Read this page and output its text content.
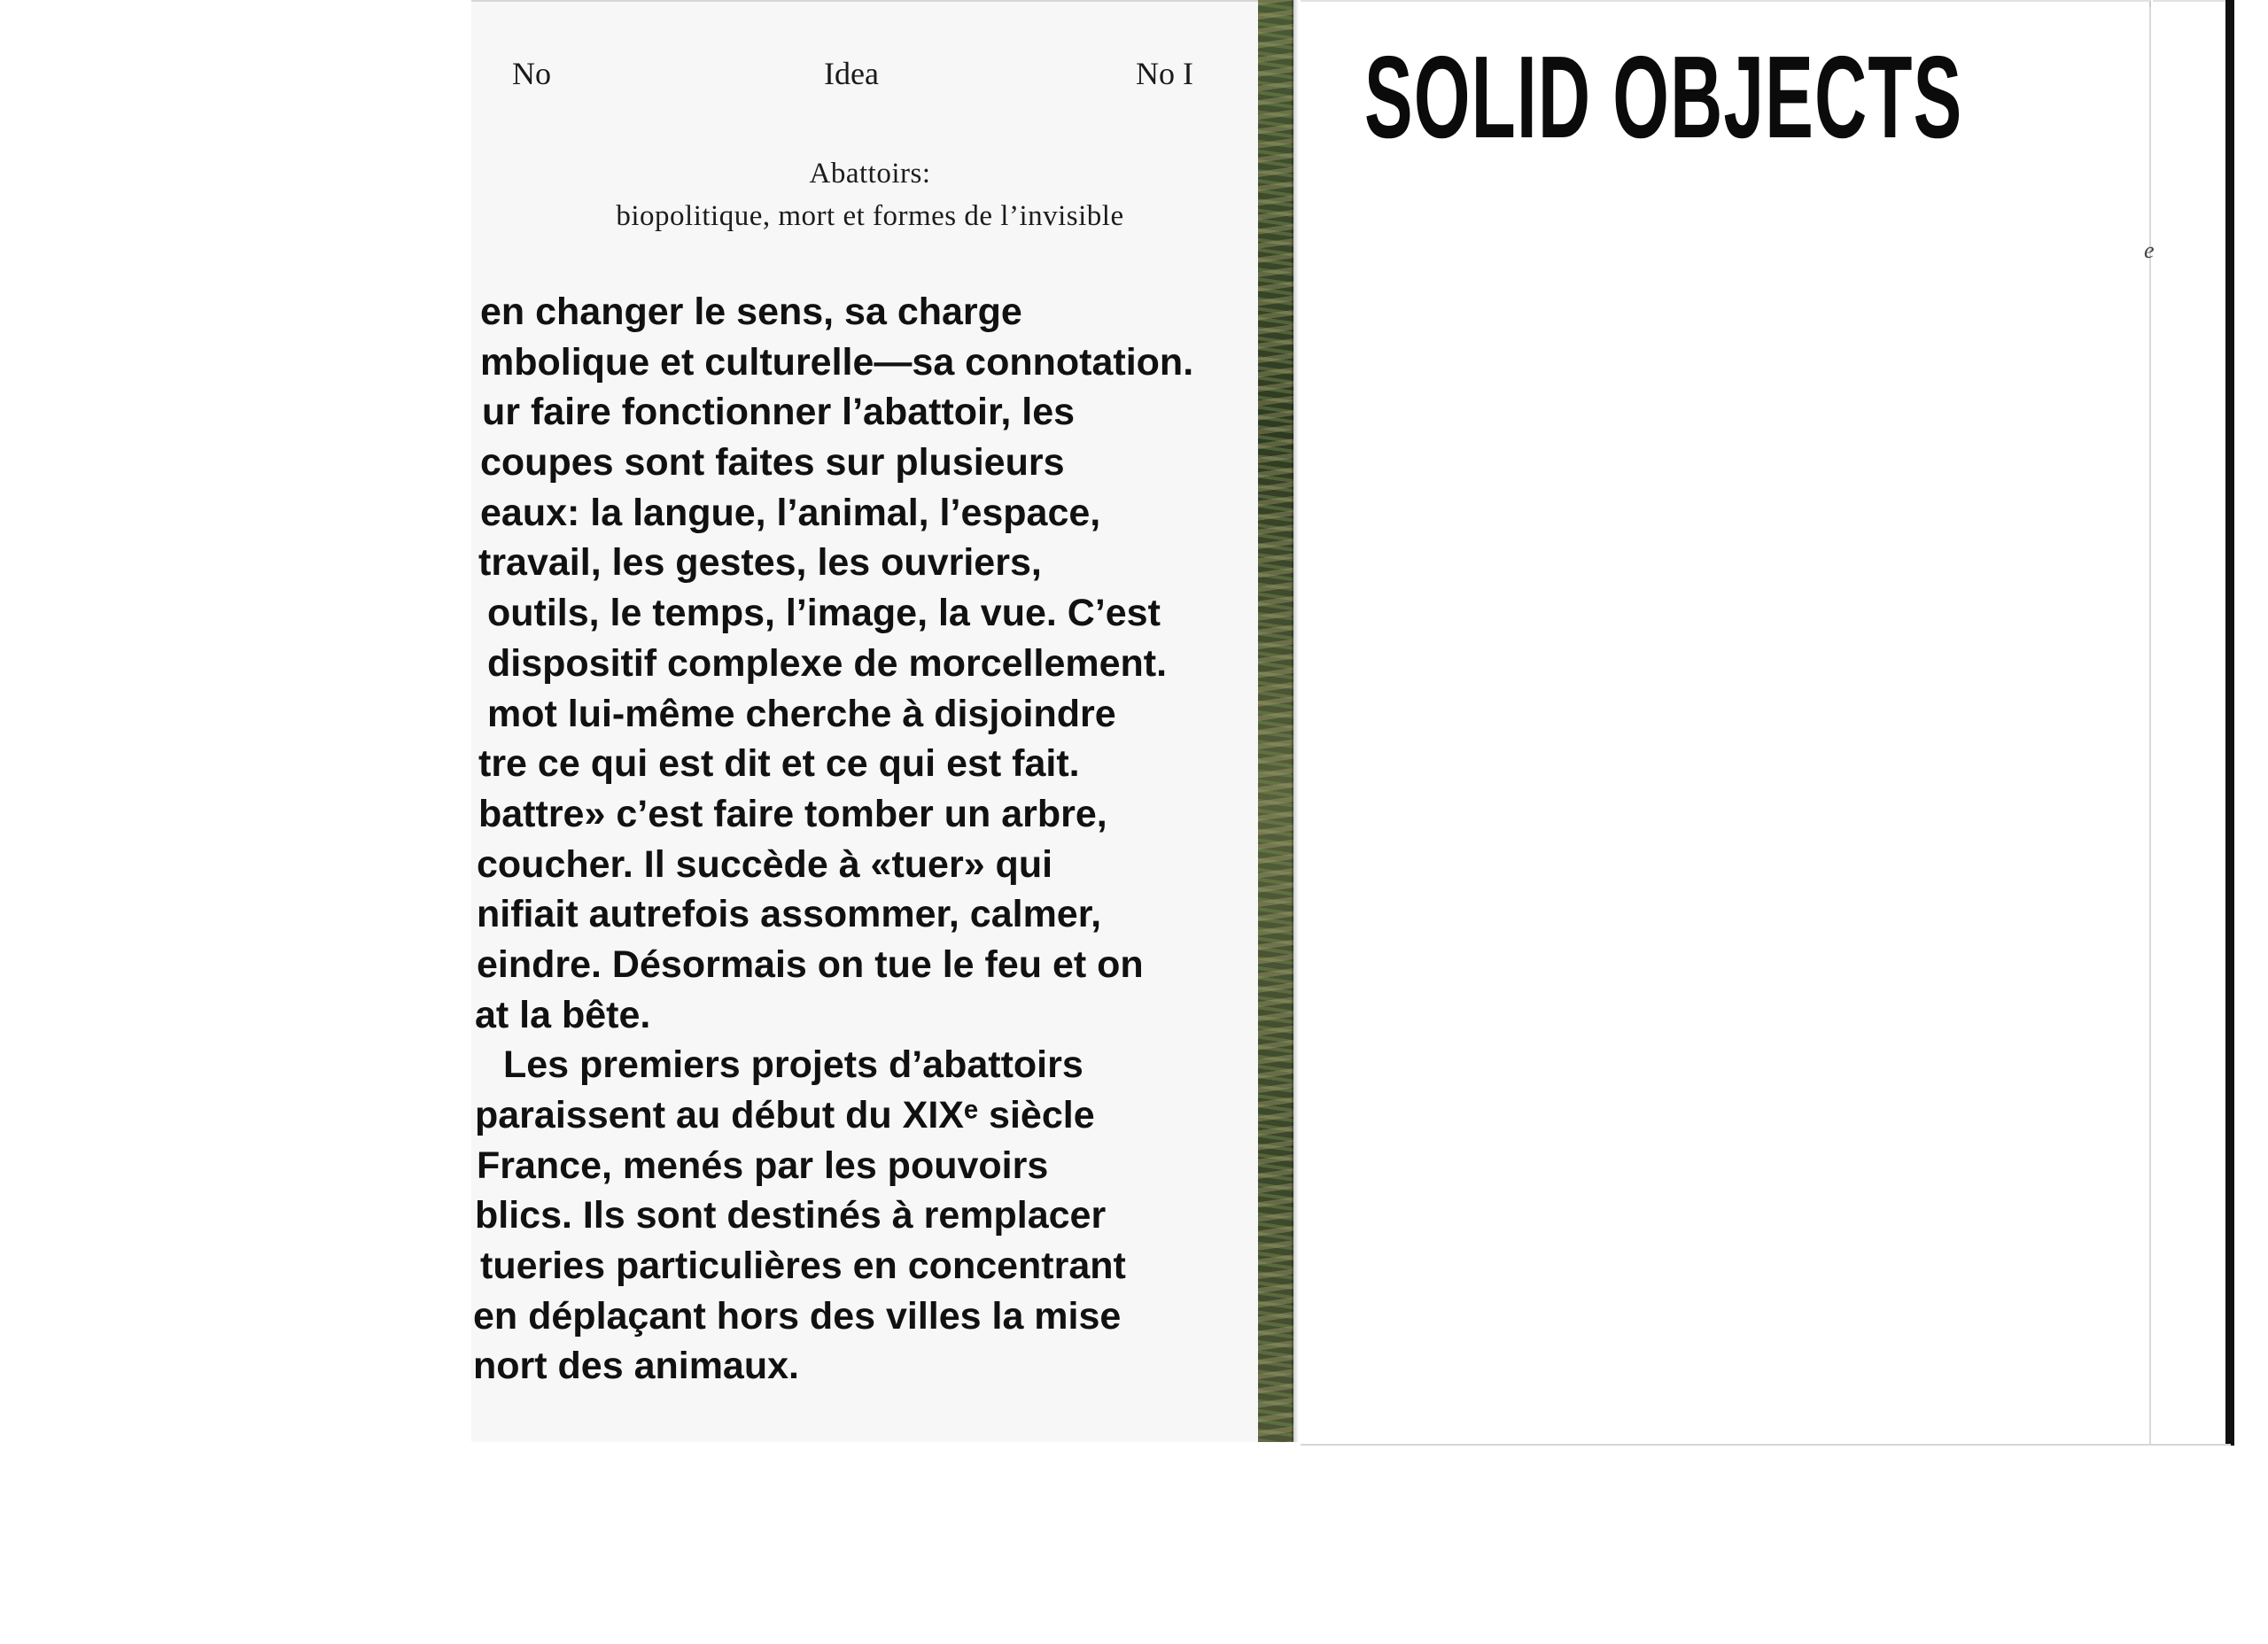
No	Idea	No I
Abattoirs:
biopolitique, mort et formes de l’invisible
en changer le sens, sa charge
mbolique et culturelle—sa connotation.
ur faire fonctionner l’abattoir, les
coupes sont faites sur plusieurs
eaux: la langue, l’animal, l’espace,
travail, les gestes, les ouvriers,
outils, le temps, l’image, la vue. C’est
dispositif complexe de morcellement.
mot lui-même cherche à disjoindre
tre ce qui est dit et ce qui est fait.
battre» c’est faire tomber un arbre,
coucher. Il succède à «tuer» qui
nifiait autrefois assommer, calmer,
eindre. Désormais on tue le feu et on
at la bête.
Les premiers projets d’abattoirs
paraissent au début du XIXᵉ siècle
France, menés par les pouvoirs
blics. Ils sont destinés à remplacer
tueries particulières en concentrant
en déplaçant hors des villes la mise
nort des animaux.
SOLID OBJECTS
e
